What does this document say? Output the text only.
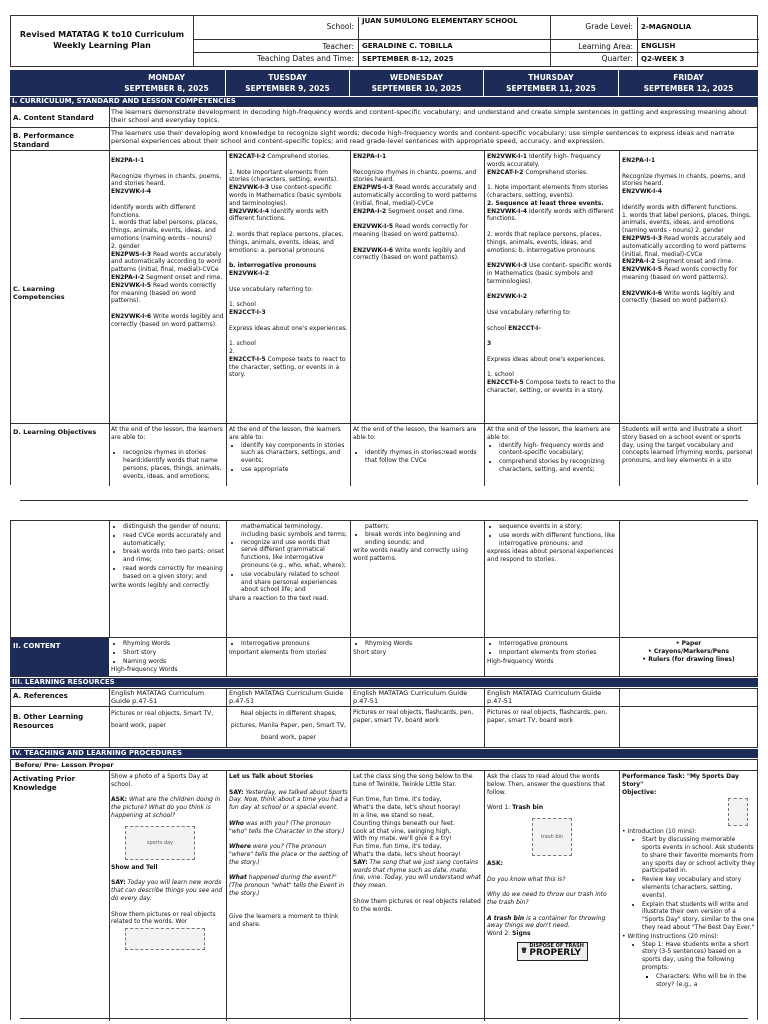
Revised MATATAG K to10 Curriculum
Weekly Learning Plan
School:
JUAN SUMULONG ELEMENTARY SCHOOL
Teacher:	GERALDINE C. TOBILLA
Teaching Dates and Time:	SEPTEMBER 8-12, 2025
Grade Level:	2-MAGNOLIA
Learning Area:	ENGLISH
Quarter:	Q2-WEEK 3
MONDAY
SEPTEMBER 8, 2025
TUESDAY
SEPTEMBER 9, 2025
WEDNESDAY
SEPTEMBER 10, 2025
THURSDAY
SEPTEMBER 11, 2025
FRIDAY
SEPTEMBER 12, 2025
I. CURRICULUM, STANDARD AND LESSON COMPETENCIES
A. Content Standard
The learners demonstrate development in decoding high-frequency words and content-specific vocabulary; and understand and create simple sentences in getting and expressing meaning about their school and everyday topics.
B. Performance Standard
The learners use their developing word knowledge to recognize sight words; decode high-frequency words and content-specific vocabulary; use simple sentences to express ideas and narrate personal experiences about their school and content-specific topics; and read grade-level sentences with appropriate speed, accuracy, and expression.
C. Learning Competencies
EN2PA-I-1

Recognize rhymes in chants, poems, and stories heard.
EN2VWK-I-4

Identify words with different functions.
1. words that label persons, places, things, animals, events, ideas, and emotions (naming words - nouns)
2. gender
EN2PWS-I-3 Read words accurately and automatically according to word patterns (initial, final, medial)-CVCe
EN2PA-I-2 Segment onset and rime.
EN2VWK-I-5 Read words correctly for meaning (based on word patterns).

EN2VWK-I-6 Write words legibly and correctly (based on word patterns).
EN2CAT-I-2 Comprehend stories.

1. Note important elements from stories (characters, setting, events).
EN2VWK-I-3 Use content-specific words in Mathematics (basic symbols and terminologies).
EN2VWK-I-4 Identify words with different functions.

2. words that replace persons, places, things, animals, events, ideas, and emotions: a. personal pronouns

b. interrogative pronouns
EN2VWK-I-2

Use vocabulary referring to:

1. school
EN2CCT-I-3

Express ideas about one's experiences.

1. school
2.
EN2CCT-I-5 Compose texts to react to the character, setting, or events in a story.
EN2PA-I-1

Recognize rhymes in chants, poems, and stories heard.
EN2PWS-I-3 Read words accurately and automatically according to word patterns (initial, final, medial)-CVCe
EN2PA-I-2 Segment onset and rime.

EN2VWK-I-5 Read words correctly for meaning (based on word patterns).

EN2VWK-I-6 Write words legibly and correctly (based on word patterns).
EN2VWK-I-1 Identify high- frequency words accurately.
EN2CAT-I-2 Comprehend stories.

1. Note important elements from stories (characters, setting, events).
2. Sequence at least three events.
EN2VWK-I-4 Identify words with different functions.

2. words that replace persons, places, things, animals, events, ideas, and emotions: b. interrogative pronouns

EN2VWK-I-3 Use content- specific words in Mathematics (basic symbols and terminologies).

EN2VWK-I-2

Use vocabulary referring to:

school EN2CCT-I-

3

Express ideas about one's experiences.

1. school
EN2CCT-I-5 Compose texts to react to the character, setting, or events in a story.
EN2PA-I-1

Recognize rhymes in chants, poems, and stories heard.
EN2VWK-I-4

Identify words with different functions.
1. words that label persons, places, things, animals, events, ideas, and emotions (naming words - nouns) 2. gender
EN2PWS-I-3 Read words accurately and automatically according to word patterns (initial, final, medial)-CVCe
EN2PA-I-2 Segment onset and rime.
EN2VWK-I-5 Read words correctly for meaning (based on word patterns).

EN2VWK-I-6 Write words legibly and correctly (based on word patterns).
D. Learning Objectives	At the end of the lesson, the learners are able to:

• recognize rhymes in stories heard;identify words that name persons, places, things, animals, events, ideas, and emotions;
At the end of the lesson, the learners are able to:
• identify key components in stories such as characters, settings, and events;
• use appropriate
At the end of the lesson, the learners are able to:

• identify rhymes in stories;read words that follow the CVCe
At the end of the lesson, the learners are able to:
• identify high- frequency words and content-specific vocabulary;
• comprehend stories by recognizing characters, setting, and events;
Students will write and illustrate a short story based on a school event or sports day, using the target vocabulary and concepts learned (rhyming words, personal pronouns, and key elements in a sto
• distinguish the gender of nouns;
• read CVCe words accurately and automatically;
• break words into two parts: onset and rime;
• read words correctly for meaning based on a given story; and
write words legibly and correctly.
mathematical terminology, including basic symbols and terms;
• recognize and use words that serve different grammatical functions, like interrogative pronouns (e.g., who, what, where);
• use vocabulary related to school and share personal experiences about school life; and
share a reaction to the text read.
pattern;
• break words into beginning and ending sounds; and
write words neatly and correctly using word patterns.
• sequence events in a story;
• use words with different functions, like interrogative pronouns; and
express ideas about personal experiences and respond to stories.
II. CONTENT
•	Rhyming Words
• Short story
• Naming words
High-frequency Words
• Interrogative pronouns
Important elements from stories
• Rhyming Words
Short story
• Interrogative pronouns
• Important elements from stories
High-frequency Words
• Paper
• Crayons/Markers/Pens
• Rulers (for drawing lines)
III. LEARNING RESOURCES
A. References	English MATATAG Curriculum Guide p.47-51
English MATATAG Curriculum Guide p.47-51
English MATATAG Curriculum Guide p.47-51
English MATATAG Curriculum Guide p.47-51
B. Other Learning Resources
Pictures or real objects, Smart TV, board work, paper
Real objects in different shapes, pictures, Manila Paper, pen, Smart TV, board work, paper
Pictures or real objects, flashcards, pen, paper, smart TV, board work
Pictures or real objects, flashcards, pen, paper, smart TV, board work
IV. TEACHING AND LEARNING PROCEDURES
Before/ Pre- Lesson Proper
Activating Prior Knowledge
Show a photo of a Sports Day at school.

ASK: What are the children doing in the picture? What do you think is happening at school?
sports day
Show and Tell

SAY: Today you will learn new words that can describe things you see and do every day.

Show them pictures or real objects related to the words. Wor
Let us Talk about Stories

SAY: Yesterday, we talked about Sports Day. Now, think about a time you had a fun day at school or a special event.

Who was with you? (The pronoun "who" tells the Character in the story.)

Where were you? (The pronoun "where" tells the place or the setting of the story.)

What happened during the event?" (The pronoun "what" tells the Event in the story.)

Give the learners a moment to think and share.
Let the class sing the song below to the tune of Twinkle, Twinkle Little Star.

Fun time, fun time, it's today,
What's the date, let's shout hooray!
In a line, we stand so neat,
Counting things beneath our feet.
Look at that vine, swinging high,
With my mate, we'll give it a try!
Fun time, fun time, it's today,
What's the date, let's shout hooray!
SAY: The song that we just sang contains words that rhyme such as date, mate, line, vine. Today, you will understand what they mean.

Show them pictures or real objects related to the words.
Ask the class to read aloud the words below. Then, answer the questions that follow.

Word 1: Trash bin
trash bin
ASK:

Do you know what this is?

Why do we need to throw our trash into the trash bin?

A trash bin is a container for throwing away things we don't need.
Word 2: Signs
🗑
DISPOSE OF TRASH
PROPERLY
Performance Task: "My Sports Day Story"
Objective:
• Introduction (10 mins):
• Start by discussing memorable sports events in school. Ask students to share their favorite moments from any sports day or school activity they participated in.
• Review key vocabulary and story elements (characters, setting, events).
• Explain that students will write and illustrate their own version of a "Sports Day" story, similar to the one they read about "The Best Day Ever."
• Writing Instructions (20 mins):
• Step 1: Have students write a short story (3-5 sentences) based on a sports day, using the following prompts:
▪ Characters: Who will be in the story? (e.g., a
